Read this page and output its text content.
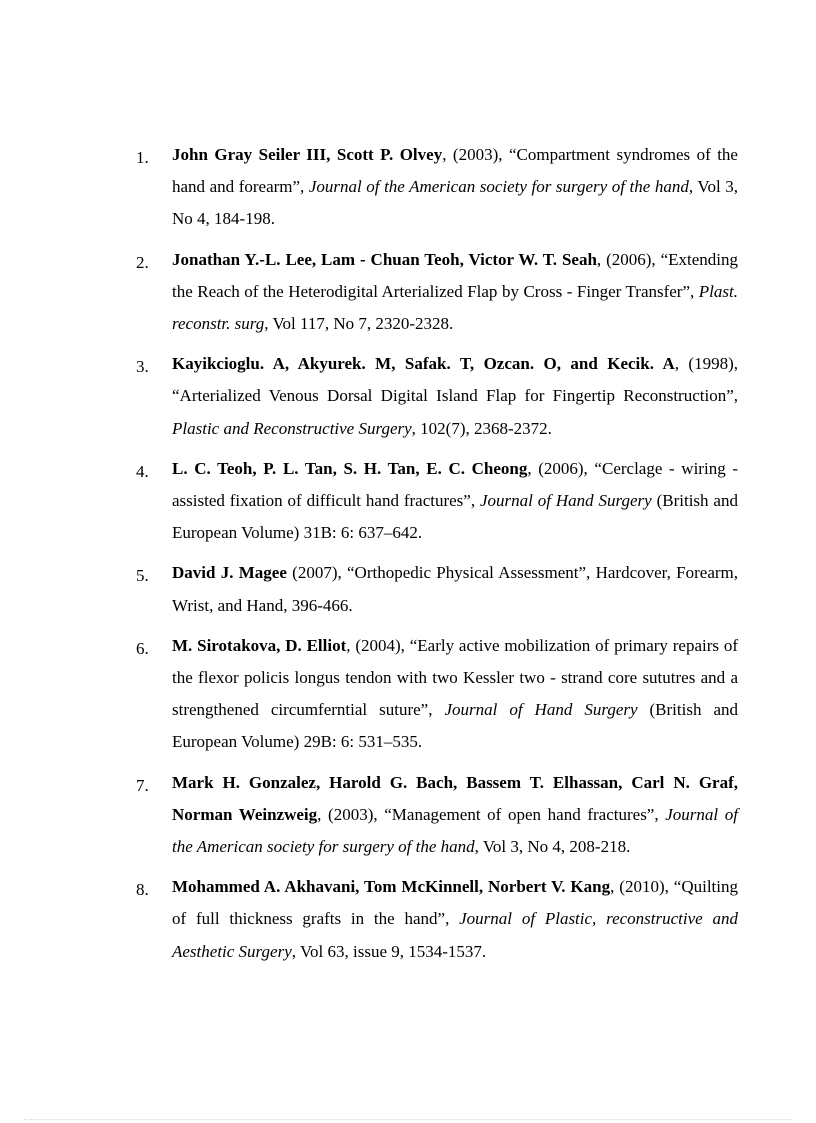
1. John Gray Seiler III, Scott P. Olvey, (2003), “Compartment syndromes of the hand and forearm”, Journal of the American society for surgery of the hand, Vol 3, No 4, 184-198.
2. Jonathan Y.-L. Lee, Lam - Chuan Teoh, Victor W. T. Seah, (2006), “Extending the Reach of the Heterodigital Arterialized Flap by Cross - Finger Transfer”, Plast. reconstr. surg, Vol 117, No 7, 2320-2328.
3. Kayikcioglu. A, Akyurek. M, Safak. T, Ozcan. O, and Kecik. A, (1998), “Arterialized Venous Dorsal Digital Island Flap for Fingertip Reconstruction”, Plastic and Reconstructive Surgery, 102(7), 2368-2372.
4. L. C. Teoh, P. L. Tan, S. H. Tan, E. C. Cheong, (2006), “Cerclage - wiring - assisted fixation of difficult hand fractures”, Journal of Hand Surgery (British and European Volume) 31B: 6: 637–642.
5. David J. Magee (2007), “Orthopedic Physical Assessment”, Hardcover, Forearm, Wrist, and Hand, 396-466.
6. M. Sirotakova, D. Elliot, (2004), “Early active mobilization of primary repairs of the flexor policis longus tendon with two Kessler two - strand core sututres and a strengthened circumferntial suture”, Journal of Hand Surgery (British and European Volume) 29B: 6: 531–535.
7. Mark H. Gonzalez, Harold G. Bach, Bassem T. Elhassan, Carl N. Graf, Norman Weinzweig, (2003), “Management of open hand fractures”, Journal of the American society for surgery of the hand, Vol 3, No 4, 208-218.
8. Mohammed A. Akhavani, Tom McKinnell, Norbert V. Kang, (2010), “Quilting of full thickness grafts in the hand”, Journal of Plastic, reconstructive and Aesthetic Surgery, Vol 63, issue 9, 1534-1537.
